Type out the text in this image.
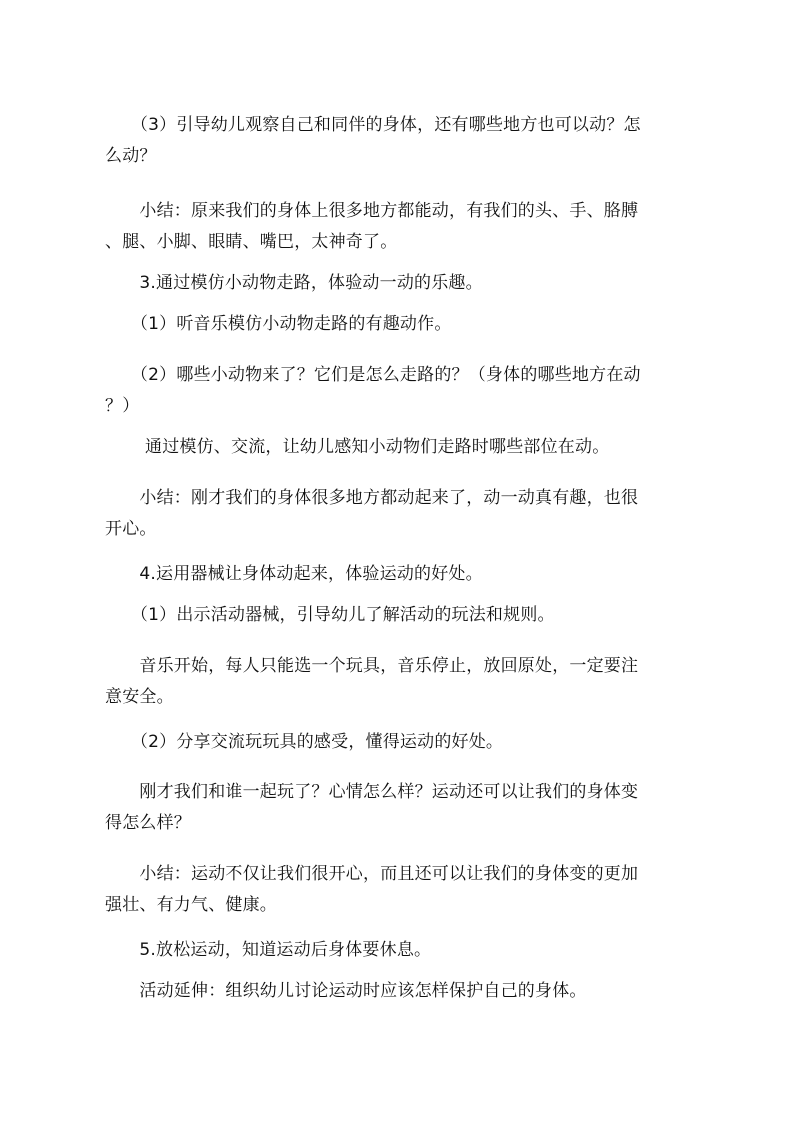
　　（3）引导幼儿观察自己和同伴的身体，还有哪些地方也可以动？怎
么动？
　　小结：原来我们的身体上很多地方都能动，有我们的头、手、胳膊
、腿、小脚、眼睛、嘴巴，太神奇了。
　　3.通过模仿小动物走路，体验动一动的乐趣。
　　（1）听音乐模仿小动物走路的有趣动作。
　　（2）哪些小动物来了？它们是怎么走路的？（身体的哪些地方在动
？）
　　 通过模仿、交流，让幼儿感知小动物们走路时哪些部位在动。
　　小结：刚才我们的身体很多地方都动起来了，动一动真有趣，也很
开心。
　　4.运用器械让身体动起来，体验运动的好处。
　　（1）出示活动器械，引导幼儿了解活动的玩法和规则。
　　音乐开始，每人只能选一个玩具，音乐停止，放回原处，一定要注
意安全。
　　（2）分享交流玩玩具的感受，懂得运动的好处。
　　刚才我们和谁一起玩了？心情怎么样？运动还可以让我们的身体变
得怎么样？
　　小结：运动不仅让我们很开心，而且还可以让我们的身体变的更加
强壮、有力气、健康。
　　5.放松运动，知道运动后身体要休息。
　　活动延伸：组织幼儿讨论运动时应该怎样保护自己的身体。
